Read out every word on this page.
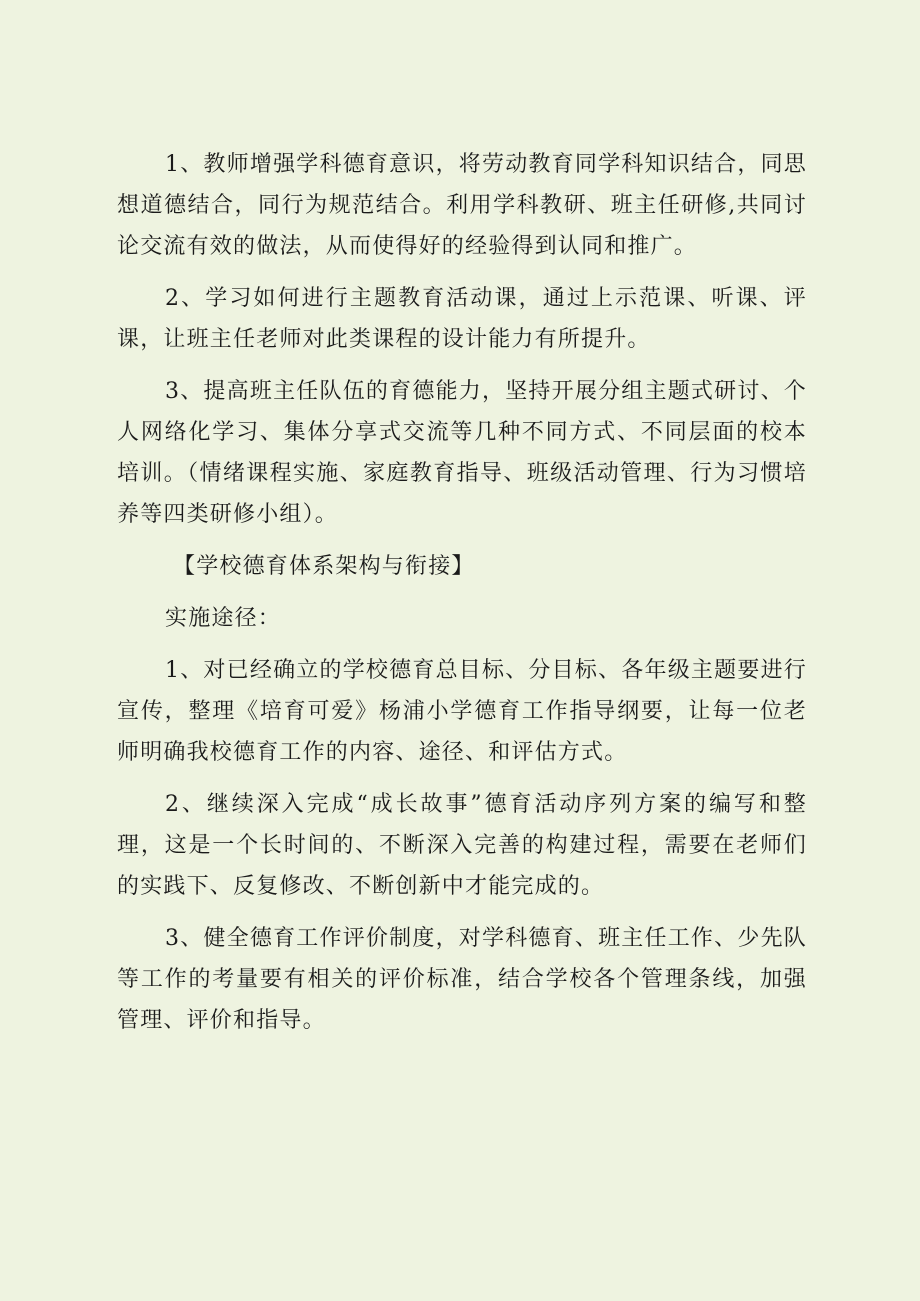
1、教师增强学科德育意识，将劳动教育同学科知识结合，同思想道德结合，同行为规范结合。利用学科教研、班主任研修,共同讨论交流有效的做法，从而使得好的经验得到认同和推广。

2、学习如何进行主题教育活动课，通过上示范课、听课、评课，让班主任老师对此类课程的设计能力有所提升。

3、提高班主任队伍的育德能力，坚持开展分组主题式研讨、个人网络化学习、集体分享式交流等几种不同方式、不同层面的校本培训。（情绪课程实施、家庭教育指导、班级活动管理、行为习惯培养等四类研修小组）。

【学校德育体系架构与衔接】

实施途径：

1、对已经确立的学校德育总目标、分目标、各年级主题要进行宣传，整理《培育可爱》杨浦小学德育工作指导纲要，让每一位老师明确我校德育工作的内容、途径、和评估方式。

2、继续深入完成“成长故事”德育活动序列方案的编写和整理，这是一个长时间的、不断深入完善的构建过程，需要在老师们的实践下、反复修改、不断创新中才能完成的。

3、健全德育工作评价制度，对学科德育、班主任工作、少先队等工作的考量要有相关的评价标准，结合学校各个管理条线，加强管理、评价和指导。
